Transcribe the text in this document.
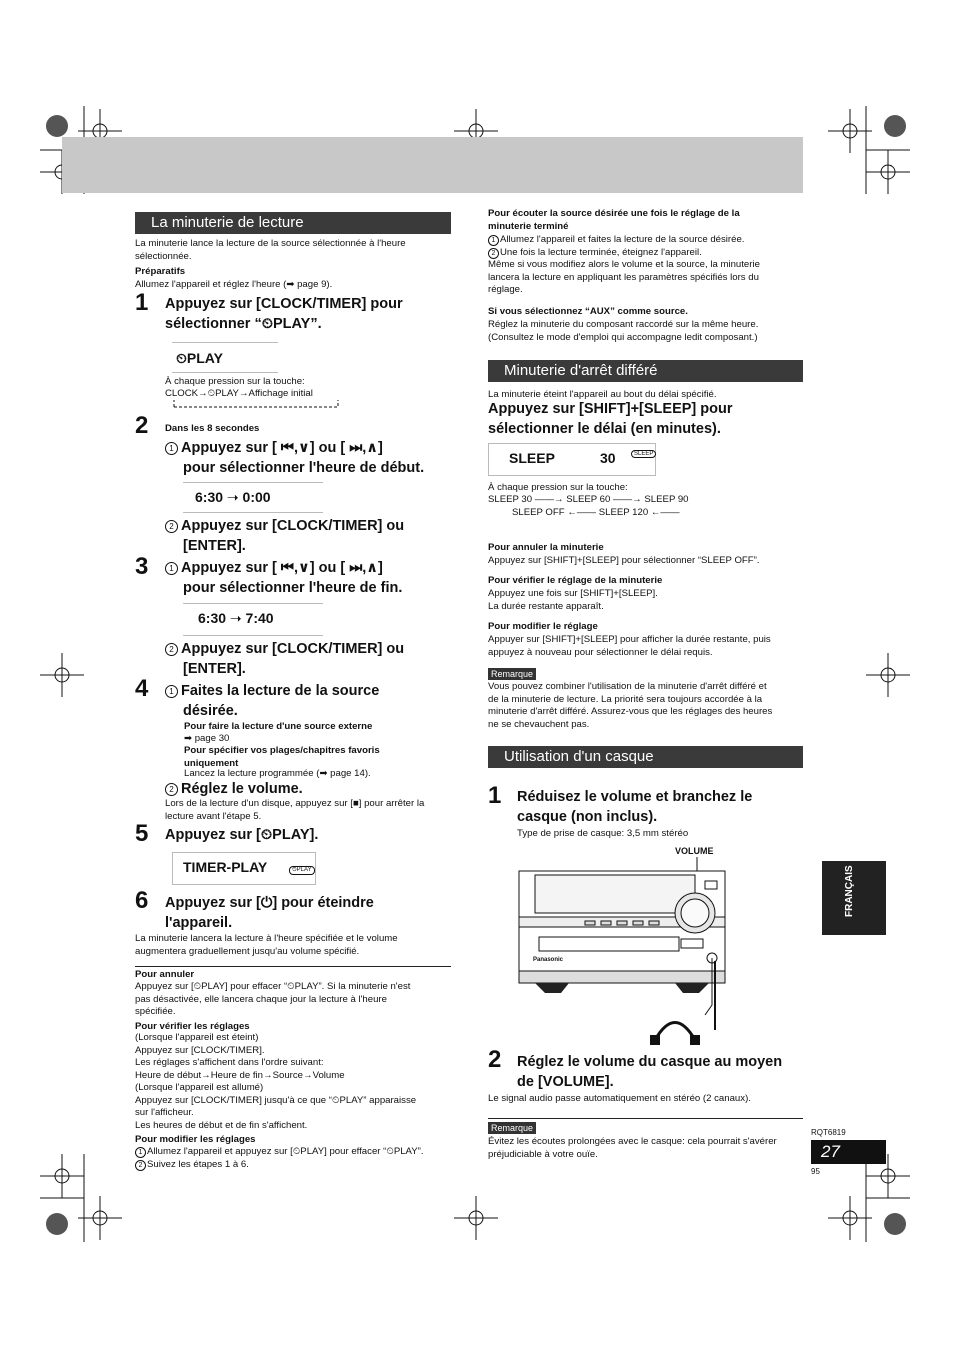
La minuterie de lecture
La minuterie lance la lecture de la source sélectionnée à l'heure sélectionnée.
Préparatifs
Allumez l'appareil et réglez l'heure (➡ page 9).
1 Appuyez sur [CLOCK/TIMER] pour
sélectionner “⏲PLAY”.
⏲PLAY
À chaque pression sur la touche:
CLOCK→⏲PLAY→Affichage initial
2 Dans les 8 secondes
1 Appuyez sur [ ⏮,∨] ou [ ⏭,∧]
pour sélectionner l'heure de début.
6:30 ➝ 0:00
2 Appuyez sur [CLOCK/TIMER] ou
[ENTER].
3	1 Appuyez sur [ ⏮,∨] ou [ ⏭,∧]
pour sélectionner l'heure de fin.
6:30 ➝ 7:40
2 Appuyez sur [CLOCK/TIMER] ou
[ENTER].
4	1 Faites la lecture de la source
désirée.
Pour faire la lecture d'une source externe
➡ page 30
Pour spécifier vos plages/chapitres favoris
uniquement
Lancez la lecture programmée (➡ page 14).
2 Réglez le volume.
Lors de la lecture d'un disque, appuyez sur [■] pour arrêter la
lecture avant l'étape 5.
5 Appuyez sur [⏲PLAY].
TIMER-PLAY	⏲PLAY
6 Appuyez sur [⏻] pour éteindre
l'appareil.
La minuterie lancera la lecture à l'heure spécifiée et le volume
augmentera graduellement jusqu'au volume spécifié.
Pour annuler
Appuyez sur [⏲PLAY] pour effacer “⏲PLAY”. Si la minuterie n'est
pas désactivée, elle lancera chaque jour la lecture à l'heure
spécifiée.
Pour vérifier les réglages
(Lorsque l'appareil est éteint)
Appuyez sur [CLOCK/TIMER].
Les réglages s'affichent dans l'ordre suivant:
Heure de début→Heure de fin→Source→Volume
(Lorsque l'appareil est allumé)
Appuyez sur [CLOCK/TIMER] jusqu'à ce que “⏲PLAY” apparaisse
sur l'afficheur.
Les heures de début et de fin s'affichent.
Pour modifier les réglages
1 Allumez l'appareil et appuyez sur [⏲PLAY] pour effacer “⏲PLAY”.
2 Suivez les étapes 1 à 6.
Pour écouter la source désirée une fois le réglage de la
minuterie terminé
1 Allumez l'appareil et faites la lecture de la source désirée.
2 Une fois la lecture terminée, éteignez l'appareil.
Même si vous modifiez alors le volume et la source, la minuterie
lancera la lecture en appliquant les paramètres spécifiés lors du
réglage.
Si vous sélectionnez “AUX” comme source.
Réglez la minuterie du composant raccordé sur la même heure.
(Consultez le mode d'emploi qui accompagne ledit composant.)
Minuterie d'arrêt différé
La minuterie éteint l'appareil au bout du délai spécifié.
Appuyez sur [SHIFT]+[SLEEP] pour
sélectionner le délai (en minutes).
SLEEP	30	SLEEP
À chaque pression sur la touche:
SLEEP 30 ——→ SLEEP 60 ——→ SLEEP 90
SLEEP OFF ←—— SLEEP 120 ←——
Pour annuler la minuterie
Appuyez sur [SHIFT]+[SLEEP] pour sélectionner “SLEEP OFF”.
Pour vérifier le réglage de la minuterie
Appuyez une fois sur [SHIFT]+[SLEEP].
La durée restante apparaît.
Pour modifier le réglage
Appuyer sur [SHIFT]+[SLEEP] pour afficher la durée restante, puis
appuyez à nouveau pour sélectionner le délai requis.
Remarque
Vous pouvez combiner l'utilisation de la minuterie d'arrêt différé et
de la minuterie de lecture. La priorité sera toujours accordée à la
minuterie d'arrêt différé. Assurez-vous que les réglages des heures
ne se chevauchent pas.
Utilisation d'un casque
1 Réduisez le volume et branchez le
casque (non inclus).
Type de prise de casque: 3,5 mm stéréo
VOLUME
Panasonic
2 Réglez le volume du casque au moyen
de [VOLUME].
Le signal audio passe automatiquement en stéréo (2 canaux).
Remarque
Évitez les écoutes prolongées avec le casque: cela pourrait s'avérer
préjudiciable à votre ouïe.
FRANÇAIS
RQT6819
27
95
